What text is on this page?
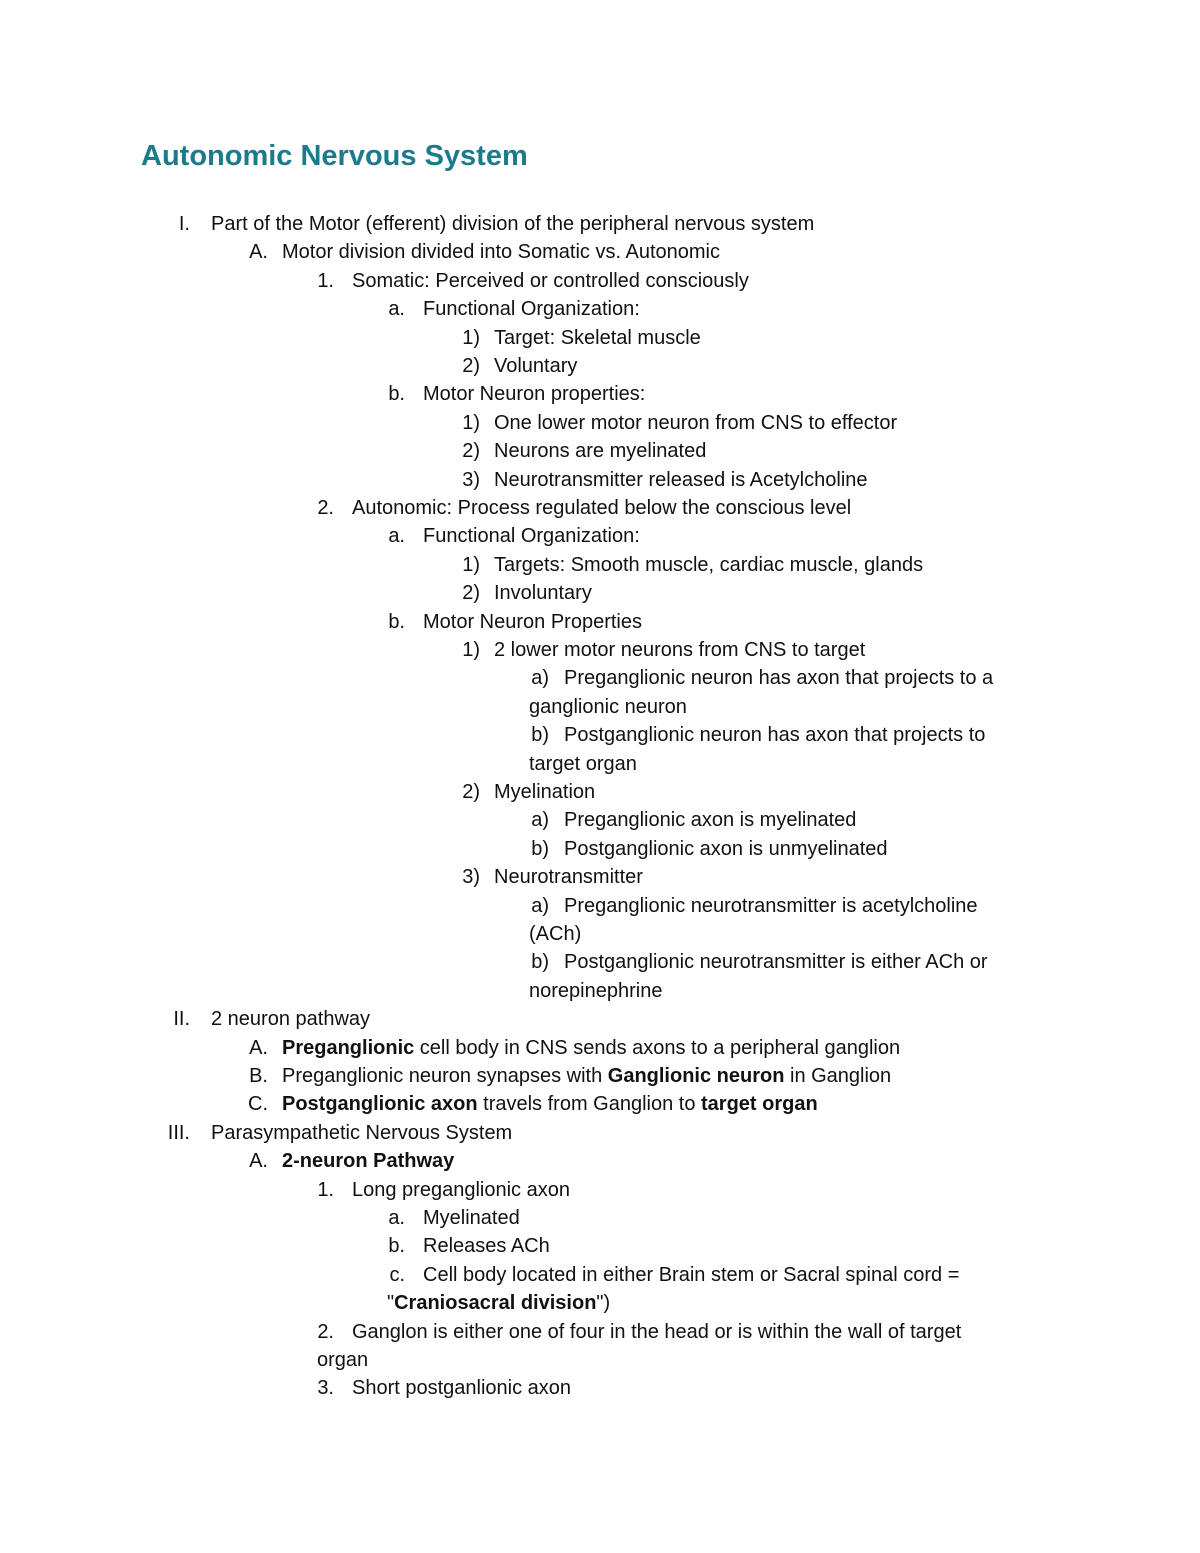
Autonomic Nervous System
I. Part of the Motor (efferent) division of the peripheral nervous system
A. Motor division divided into Somatic vs. Autonomic
1. Somatic: Perceived or controlled consciously
a. Functional Organization:
1) Target: Skeletal muscle
2) Voluntary
b. Motor Neuron properties:
1) One lower motor neuron from CNS to effector
2) Neurons are myelinated
3) Neurotransmitter released is Acetylcholine
2. Autonomic: Process regulated below the conscious level
a. Functional Organization:
1) Targets: Smooth muscle, cardiac muscle, glands
2) Involuntary
b. Motor Neuron Properties
1) 2 lower motor neurons from CNS to target
a) Preganglionic neuron has axon that projects to a
ganglionic neuron
b) Postganglionic neuron has axon that projects to
target organ
2) Myelination
a) Preganglionic axon is myelinated
b) Postganglionic axon is unmyelinated
3) Neurotransmitter
a) Preganglionic neurotransmitter is acetylcholine
(ACh)
b) Postganglionic neurotransmitter is either ACh or
norepinephrine
II. 2 neuron pathway
A. Preganglionic cell body in CNS sends axons to a peripheral ganglion
B. Preganglionic neuron synapses with Ganglionic neuron in Ganglion
C. Postganglionic axon travels from Ganglion to target organ
III. Parasympathetic Nervous System
A. 2-neuron Pathway
1. Long preganglionic axon
a. Myelinated
b. Releases ACh
c. Cell body located in either Brain stem or Sacral spinal cord =
"Craniosacral division")
2. Ganglon is either one of four in the head or is within the wall of target
organ
3. Short postganlionic axon
